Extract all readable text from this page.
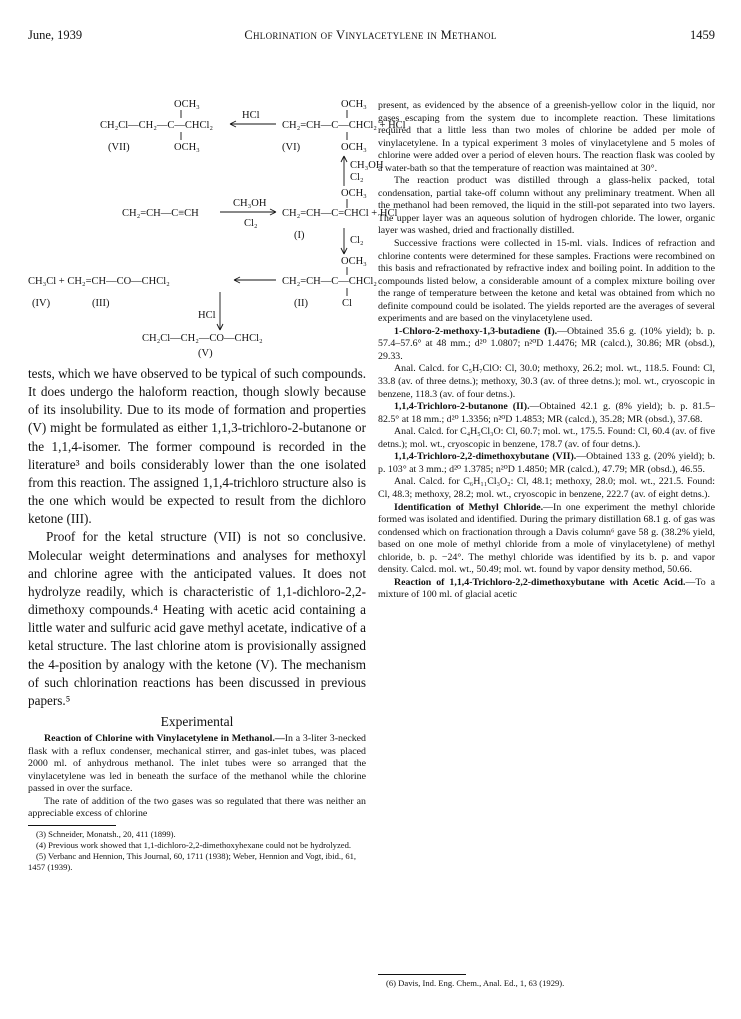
June, 1939	Chlorination of Vinylacetylene in Methanol	1459
OCH₃
CH₂Cl—CH₂—C—CHCl₂
OCH₃
(VII)
HCl
OCH₃
CH₂=CH—C—CHCl₂ + HCl
OCH₃
(VI)
CH₃OH
Cl₂
OCH₃
CH₂=CH—C≡CH
CH₃OH
Cl₂
CH₂=CH—C=CHCl + HCl
(I)	Cl₂
OCH₃
CH₃Cl + CH₂=CH—CO—CHCl₂	CH₂=CH—C—CHCl₂
Cl
(IV)	(III)	(II)
HCl
CH₂Cl—CH₂—CO—CHCl₂
(V)

tests, which we have observed to be typical of such compounds. It does undergo the haloform reaction, though slowly because of its insolubility. Due to its mode of formation and properties (V) might be formulated as either 1,1,3-trichloro-2-butanone or the 1,1,4-isomer. The former compound is recorded in the literature³ and boils considerably lower than the one isolated from this reaction. The assigned 1,1,4-trichloro structure also is the one which would be expected to result from the dichloro ketone (III).

Proof for the ketal structure (VII) is not so conclusive. Molecular weight determinations and analyses for methoxyl and chlorine agree with the anticipated values. It does not hydrolyze readily, which is characteristic of 1,1-dichloro-2,2-dimethoxy compounds.⁴ Heating with acetic acid containing a little water and sulfuric acid gave methyl acetate, indicative of a ketal structure. The last chlorine atom is provisionally assigned the 4-position by analogy with the ketone (V). The mechanism of such chlorination reactions has been discussed in previous papers.⁵

Experimental

Reaction of Chlorine with Vinylacetylene in Methanol.—In a 3-liter 3-necked flask with a reflux condenser, mechanical stirrer, and gas-inlet tubes, was placed 2000 ml. of anhydrous methanol. The inlet tubes were so arranged that the vinylacetylene was led in beneath the surface of the methanol while the chlorine passed in over the surface.

The rate of addition of the two gases was so regulated that there was neither an appreciable excess of chlorine

(3) Schneider, Monatsh., 20, 411 (1899).

(4) Previous work showed that 1,1-dichloro-2,2-dimethoxyhexane could not be hydrolyzed.

(5) Verbanc and Hennion, This Journal, 60, 1711 (1938); Weber, Hennion and Vogt, ibid., 61, 1457 (1939).

present, as evidenced by the absence of a greenish-yellow color in the liquid, nor gases escaping from the system due to incomplete reaction. These limitations required that a little less than two moles of chlorine be added per mole of vinylacetylene. In a typical experiment 3 moles of vinylacetylene and 5 moles of chlorine were added over a period of eleven hours. The reaction flask was cooled by a water-bath so that the temperature of reaction was maintained at 30°.

The reaction product was distilled through a glass-helix packed, total condensation, partial take-off column without any preliminary treatment. When all the methanol had been removed, the liquid in the still-pot separated into two layers. The upper layer was an aqueous solution of hydrogen chloride. The lower, organic layer was washed, dried and fractionally distilled.

Successive fractions were collected in 15-ml. vials. Indices of refraction and chlorine contents were determined for these samples. Fractions were recombined on this basis and refractionated by refractive index and boiling point. In addition to the compounds listed below, a considerable amount of a complex mixture boiling over the range of temperature between the ketone and ketal was obtained from which no definite compound could be isolated. The yields reported are the averages of several experiments and are based on the vinylacetylene used.

1-Chloro-2-methoxy-1,3-butadiene (I).—Obtained 35.6 g. (10% yield); b. p. 57.4–57.6° at 48 mm.; d²⁰ 1.0807; n²⁰D 1.4476; MR (calcd.), 30.86; MR (obsd.), 29.33.

Anal. Calcd. for C₅H₇ClO: Cl, 30.0; methoxy, 26.2; mol. wt., 118.5. Found: Cl, 33.8 (av. of three detns.); methoxy, 30.3 (av. of three detns.); mol. wt., cryoscopic in benzene, 118.3 (av. of four detns.).

1,1,4-Trichloro-2-butanone (II).—Obtained 42.1 g. (8% yield); b. p. 81.5–82.5° at 18 mm.; d²⁰ 1.3356; n²⁰D 1.4853; MR (calcd.), 35.28; MR (obsd.), 37.68.

Anal. Calcd. for C₄H₅Cl₃O: Cl, 60.7; mol. wt., 175.5. Found: Cl, 60.4 (av. of five detns.); mol. wt., cryoscopic in benzene, 178.7 (av. of four detns.).

1,1,4-Trichloro-2,2-dimethoxybutane (VII).—Obtained 133 g. (20% yield); b. p. 103° at 3 mm.; d²⁰ 1.3785; n²⁰D 1.4850; MR (calcd.), 47.79; MR (obsd.), 46.55.

Anal. Calcd. for C₆H₁₁Cl₃O₂: Cl, 48.1; methoxy, 28.0; mol. wt., 221.5. Found: Cl, 48.3; methoxy, 28.2; mol. wt., cryoscopic in benzene, 222.7 (av. of eight detns.).

Identification of Methyl Chloride.—In one experiment the methyl chloride formed was isolated and identified. During the primary distillation 68.1 g. of gas was condensed which on fractionation through a Davis column⁶ gave 58 g. (38.2% yield, based on one mole of methyl chloride from a mole of vinylacetylene) of methyl chloride, b. p. −24°. The methyl chloride was identified by its b. p. and vapor density. Calcd. mol. wt., 50.49; mol. wt. found by vapor density method, 50.66.

Reaction of 1,1,4-Trichloro-2,2-dimethoxybutane with Acetic Acid.—To a mixture of 100 ml. of glacial acetic

(6) Davis, Ind. Eng. Chem., Anal. Ed., 1, 63 (1929).
